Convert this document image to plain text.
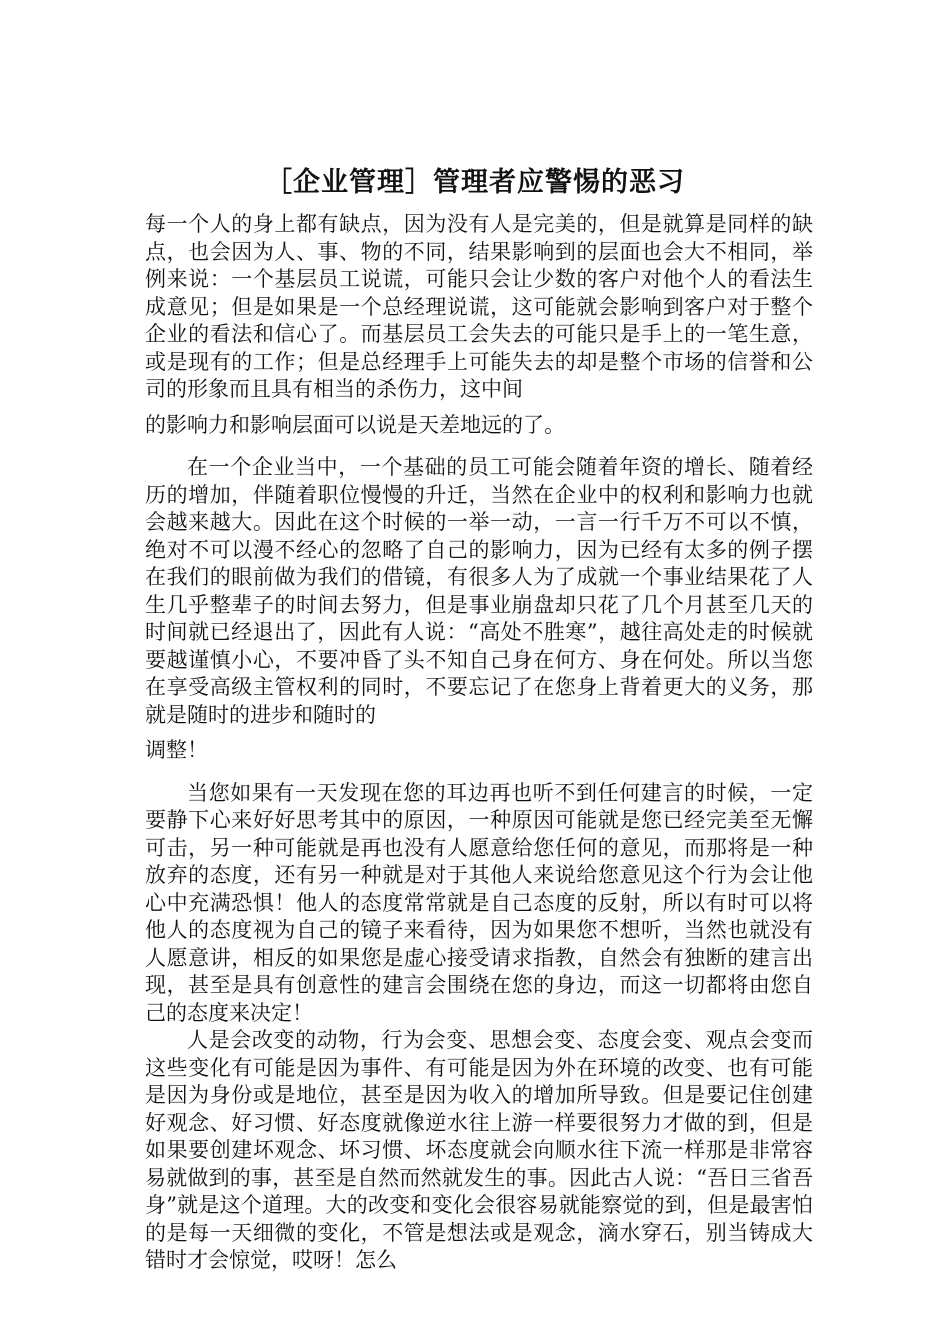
［企业管理］管理者应警惕的恶习

每一个人的身上都有缺点，因为没有人是完美的，但是就算是同样的缺点，也会因为人、事、物的不同，结果影响到的层面也会大不相同，举例来说：一个基层员工说谎，可能只会让少数的客户对他个人的看法生成意见；但是如果是一个总经理说谎，这可能就会影响到客户对于整个企业的看法和信心了。而基层员工会失去的可能只是手上的一笔生意，或是现有的工作；但是总经理手上可能失去的却是整个市场的信誉和公司的形象而且具有相当的杀伤力，这中间
的影响力和影响层面可以说是天差地远的了。

在一个企业当中，一个基础的员工可能会随着年资的增长、随着经历的增加，伴随着职位慢慢的升迁，当然在企业中的权利和影响力也就会越来越大。因此在这个时候的一举一动，一言一行千万不可以不慎，绝对不可以漫不经心的忽略了自己的影响力，因为已经有太多的例子摆在我们的眼前做为我们的借镜，有很多人为了成就一个事业结果花了人生几乎整辈子的时间去努力，但是事业崩盘却只花了几个月甚至几天的时间就已经退出了，因此有人说：“高处不胜寒”，越往高处走的时候就要越谨慎小心，不要冲昏了头不知自己身在何方、身在何处。所以当您在享受高级主管权利的同时，不要忘记了在您身上背着更大的义务，那就是随时的进步和随时的
调整！

当您如果有一天发现在您的耳边再也听不到任何建言的时候，一定要静下心来好好思考其中的原因，一种原因可能就是您已经完美至无懈可击，另一种可能就是再也没有人愿意给您任何的意见，而那将是一种放弃的态度，还有另一种就是对于其他人来说给您意见这个行为会让他心中充满恐惧！他人的态度常常就是自己态度的反射，所以有时可以将他人的态度视为自己的镜子来看待，因为如果您不想听，当然也就没有人愿意讲，相反的如果您是虚心接受请求指教，自然会有独断的建言出现，甚至是具有创意性的建言会围绕在您的身边，而这一切都将由您自己的态度来决定！

人是会改变的动物，行为会变、思想会变、态度会变、观点会变而这些变化有可能是因为事件、有可能是因为外在环境的改变、也有可能是因为身份或是地位，甚至是因为收入的增加所导致。但是要记住创建好观念、好习惯、好态度就像逆水往上游一样要很努力才做的到，但是如果要创建坏观念、坏习惯、坏态度就会向顺水往下流一样那是非常容易就做到的事，甚至是自然而然就发生的事。因此古人说：“吾日三省吾身”就是这个道理。大的改变和变化会很容易就能察觉的到，但是最害怕的是每一天细微的变化，不管是想法或是观念，滴水穿石，别当铸成大错时才会惊觉，哎呀！怎么
